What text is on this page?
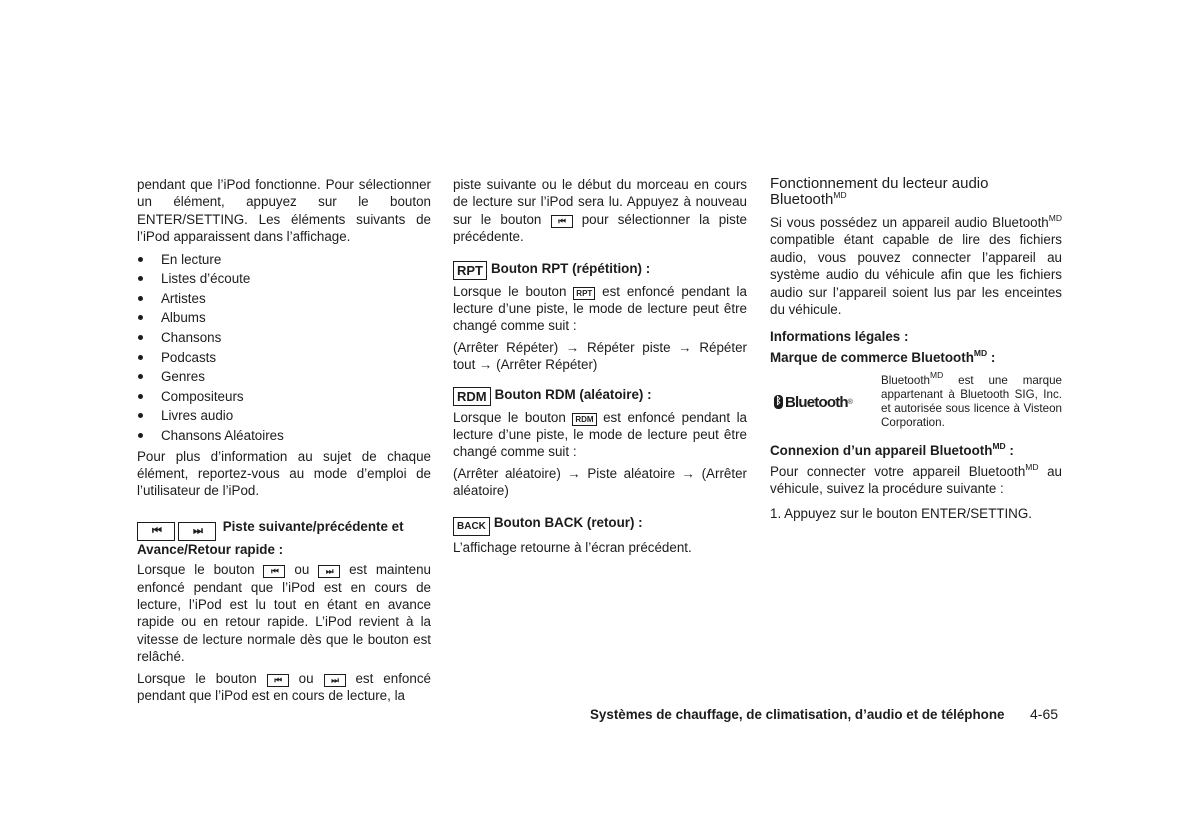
pendant que l’iPod fonctionne. Pour sélectionner un élément, appuyez sur le bouton ENTER/SETTING. Les éléments suivants de l’iPod apparaissent dans l’affichage.

En lecture
Listes d’écoute
Artistes
Albums
Chansons
Podcasts
Genres
Compositeurs
Livres audio
Chansons Aléatoires

Pour plus d’information au sujet de chaque élément, reportez-vous au mode d’emploi de l’utilisateur de l’iPod.

⏮	⏭ Piste suivante/précédente et
Avance/Retour rapide :

Lorsque le bouton ⏮ ou ⏭ est maintenu enfoncé pendant que l’iPod est en cours de lecture, l’iPod est lu tout en étant en avance rapide ou en retour rapide. L’iPod revient à la vitesse de lecture normale dès que le bouton est relâché.

Lorsque le bouton ⏮ ou ⏭ est enfoncé pendant que l’iPod est en cours de lecture, la

piste suivante ou le début du morceau en cours de lecture sur l’iPod sera lu. Appuyez à nouveau sur le bouton ⏮ pour sélectionner la piste précédente.

RPT Bouton RPT (répétition) :

Lorsque le bouton RPT est enfoncé pendant la lecture d’une piste, le mode de lecture peut être changé comme suit :

(Arrêter Répéter) → Répéter piste → Répéter tout → (Arrêter Répéter)

RDM Bouton RDM (aléatoire) :

Lorsque le bouton RDM est enfoncé pendant la lecture d’une piste, le mode de lecture peut être changé comme suit :

(Arrêter aléatoire) → Piste aléatoire → (Arrêter aléatoire)

BACK Bouton BACK (retour) :

L’affichage retourne à l’écran précédent.

Fonctionnement du lecteur audio Bluetooth$^{MD}$

Si vous possédez un appareil audio Bluetooth$^{MD}$ compatible étant capable de lire des fichiers audio, vous pouvez connecter l’appareil au système audio du véhicule afin que les fichiers audio sur l’appareil soient lus par les enceintes du véhicule.

Informations légales :
Marque de commerce Bluetooth$^{MD}$ :
ᛒ Bluetooth ®
Bluetooth$^{MD}$ est une marque appartenant à Bluetooth SIG, Inc. et autorisée sous licence à Visteon Corporation.
Connexion d’un appareil Bluetooth$^{MD}$ :

Pour connecter votre appareil Bluetooth$^{MD}$ au véhicule, suivez la procédure suivante :

1. Appuyez sur le bouton ENTER/SETTING.

Systèmes de chauffage, de climatisation, d’audio et de téléphone 4-65
